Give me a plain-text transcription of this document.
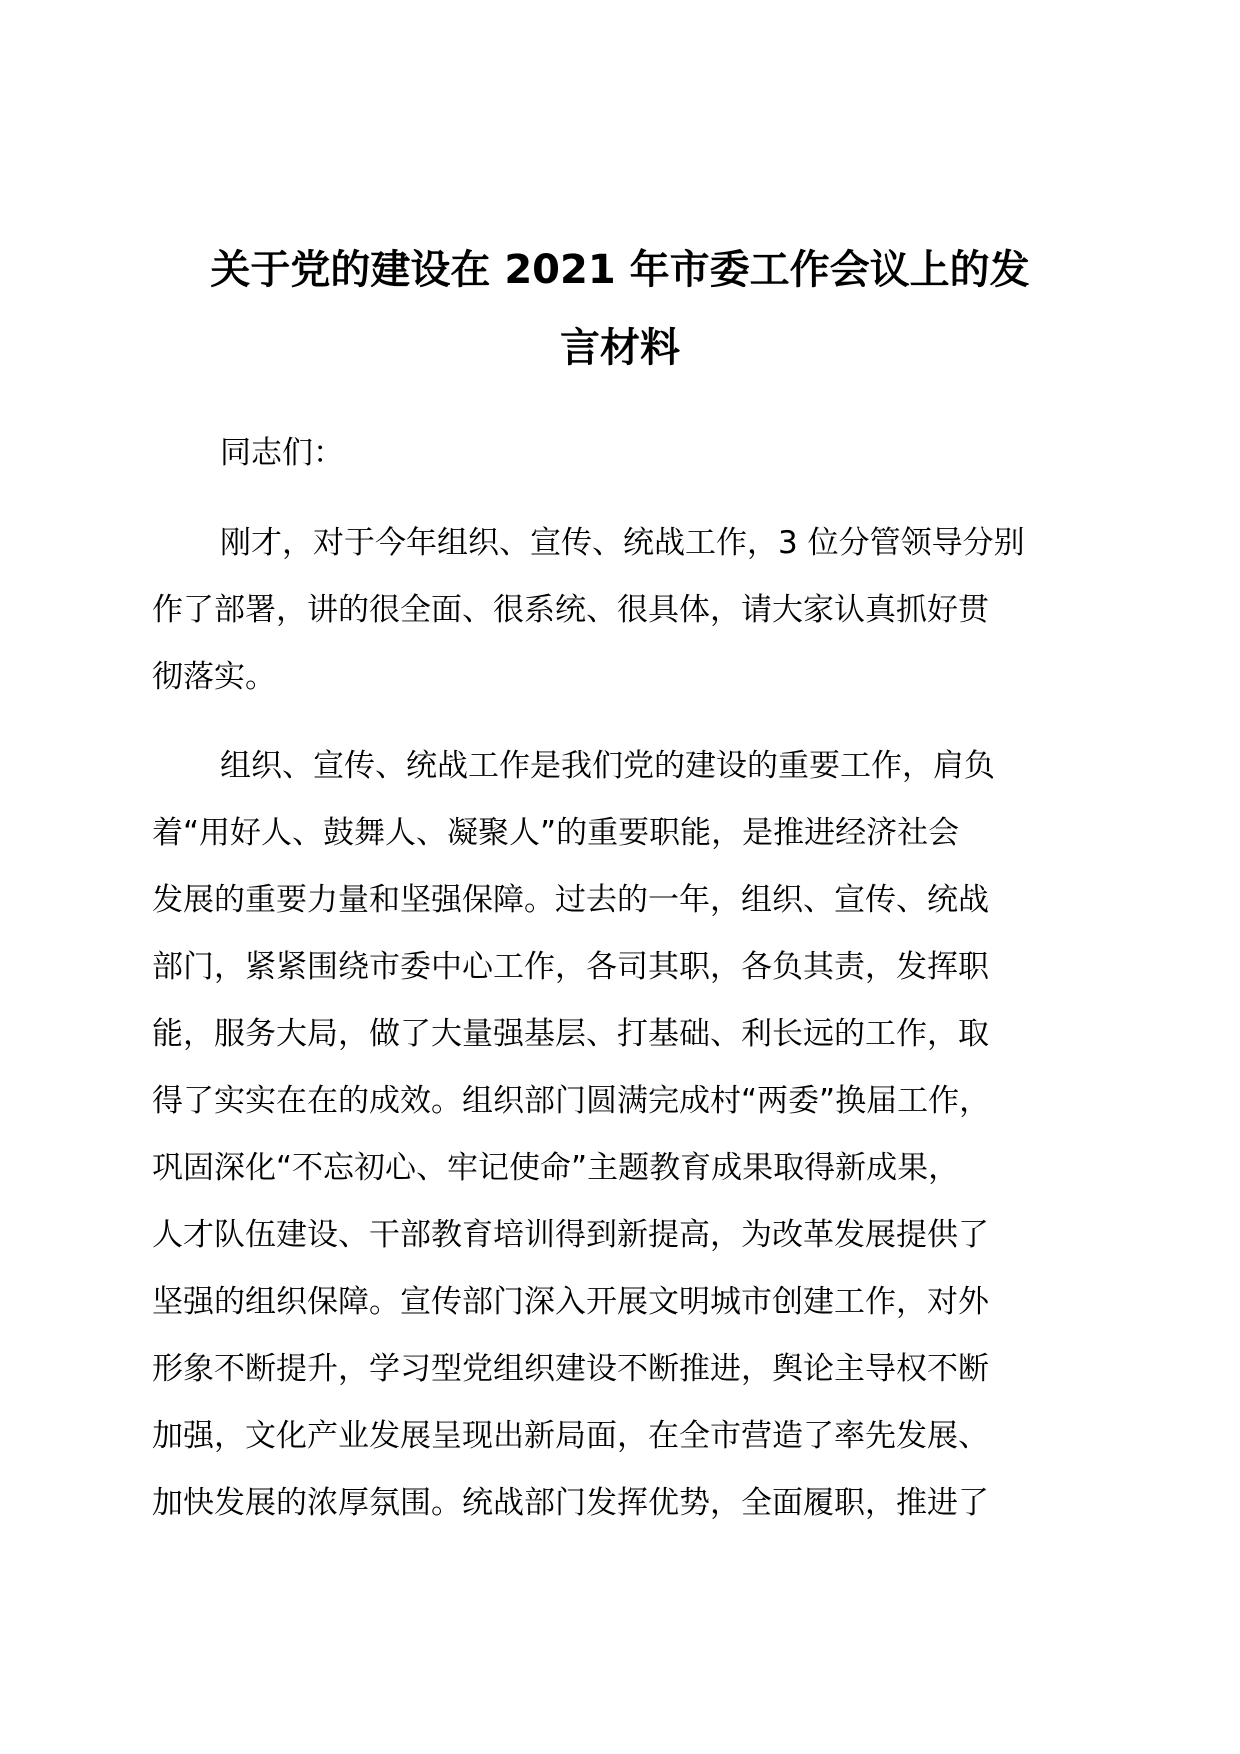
关于党的建设在 2021 年市委工作会议上的发
言材料
同志们：
刚才，对于今年组织、宣传、统战工作，3 位分管领导分别
作了部署，讲的很全面、很系统、很具体，请大家认真抓好贯
彻落实。
组织、宣传、统战工作是我们党的建设的重要工作，肩负
着“用好人、鼓舞人、凝聚人”的重要职能，是推进经济社会
发展的重要力量和坚强保障。过去的一年，组织、宣传、统战
部门，紧紧围绕市委中心工作，各司其职，各负其责，发挥职
能，服务大局，做了大量强基层、打基础、利长远的工作，取
得了实实在在的成效。组织部门圆满完成村“两委”换届工作，
巩固深化“不忘初心、牢记使命”主题教育成果取得新成果，
人才队伍建设、干部教育培训得到新提高，为改革发展提供了
坚强的组织保障。宣传部门深入开展文明城市创建工作，对外
形象不断提升，学习型党组织建设不断推进，舆论主导权不断
加强，文化产业发展呈现出新局面，在全市营造了率先发展、
加快发展的浓厚氛围。统战部门发挥优势，全面履职，推进了
